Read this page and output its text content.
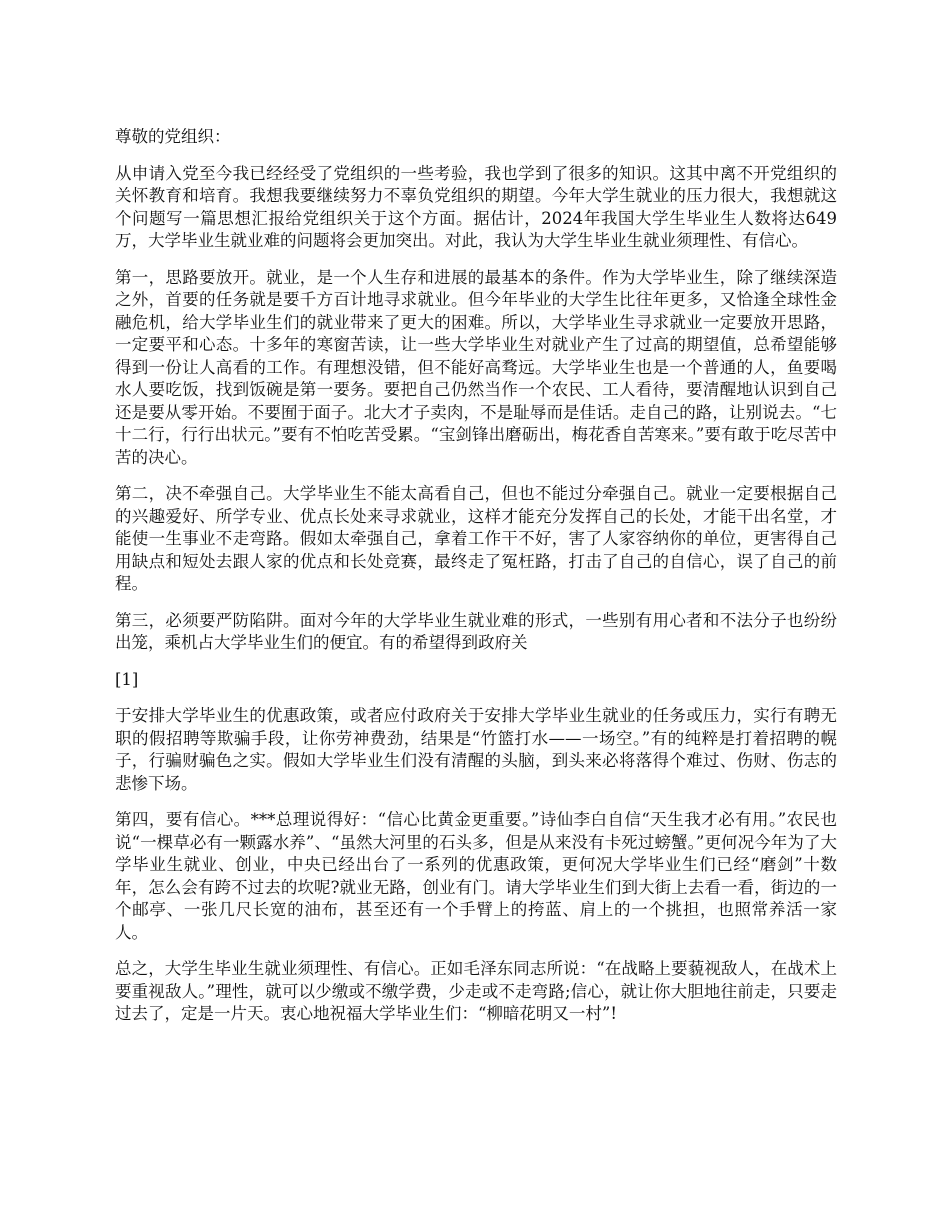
尊敬的党组织：

从申请入党至今我已经经受了党组织的一些考验，我也学到了很多的知识。这其中离不开党组织的关怀教育和培育。我想我要继续努力不辜负党组织的期望。今年大学生就业的压力很大，我想就这个问题写一篇思想汇报给党组织关于这个方面。据估计，2024年我国大学生毕业生人数将达649万，大学毕业生就业难的问题将会更加突出。对此，我认为大学生毕业生就业须理性、有信心。

第一，思路要放开。就业，是一个人生存和进展的最基本的条件。作为大学毕业生，除了继续深造之外，首要的任务就是要千方百计地寻求就业。但今年毕业的大学生比往年更多，又恰逢全球性金融危机，给大学毕业生们的就业带来了更大的困难。所以，大学毕业生寻求就业一定要放开思路，一定要平和心态。十多年的寒窗苦读，让一些大学毕业生对就业产生了过高的期望值，总希望能够得到一份让人高看的工作。有理想没错，但不能好高骛远。大学毕业生也是一个普通的人，鱼要喝水人要吃饭，找到饭碗是第一要务。要把自己仍然当作一个农民、工人看待，要清醒地认识到自己还是要从零开始。不要囿于面子。北大才子卖肉，不是耻辱而是佳话。走自己的路，让别说去。“七十二行，行行出状元。”要有不怕吃苦受累。“宝剑锋出磨砺出，梅花香自苦寒来。”要有敢于吃尽苦中苦的决心。

第二，决不牵强自己。大学毕业生不能太高看自己，但也不能过分牵强自己。就业一定要根据自己的兴趣爱好、所学专业、优点长处来寻求就业，这样才能充分发挥自己的长处，才能干出名堂，才能使一生事业不走弯路。假如太牵强自己，拿着工作干不好，害了人家容纳你的单位，更害得自己用缺点和短处去跟人家的优点和长处竞赛，最终走了冤枉路，打击了自己的自信心，误了自己的前程。

第三，必须要严防陷阱。面对今年的大学毕业生就业难的形式，一些别有用心者和不法分子也纷纷出笼，乘机占大学毕业生们的便宜。有的希望得到政府关

[1]

于安排大学毕业生的优惠政策，或者应付政府关于安排大学毕业生就业的任务或压力，实行有聘无职的假招聘等欺骗手段，让你劳神费劲，结果是“竹篮打水——一场空。”有的纯粹是打着招聘的幌子，行骗财骗色之实。假如大学毕业生们没有清醒的头脑，到头来必将落得个难过、伤财、伤志的悲惨下场。

第四，要有信心。***总理说得好：“信心比黄金更重要。”诗仙李白自信“天生我才必有用。”农民也说“一棵草必有一颗露水养”、“虽然大河里的石头多，但是从来没有卡死过螃蟹。”更何况今年为了大学毕业生就业、创业，中央已经出台了一系列的优惠政策，更何况大学毕业生们已经“磨剑”十数年，怎么会有跨不过去的坎呢?就业无路，创业有门。请大学毕业生们到大街上去看一看，街边的一个邮亭、一张几尺长宽的油布，甚至还有一个手臂上的挎蓝、肩上的一个挑担，也照常养活一家人。

总之，大学生毕业生就业须理性、有信心。正如毛泽东同志所说：“在战略上要藐视敌人，在战术上要重视敌人。”理性，就可以少缴或不缴学费，少走或不走弯路;信心，就让你大胆地往前走，只要走过去了，定是一片天。衷心地祝福大学毕业生们：“柳暗花明又一村”!
